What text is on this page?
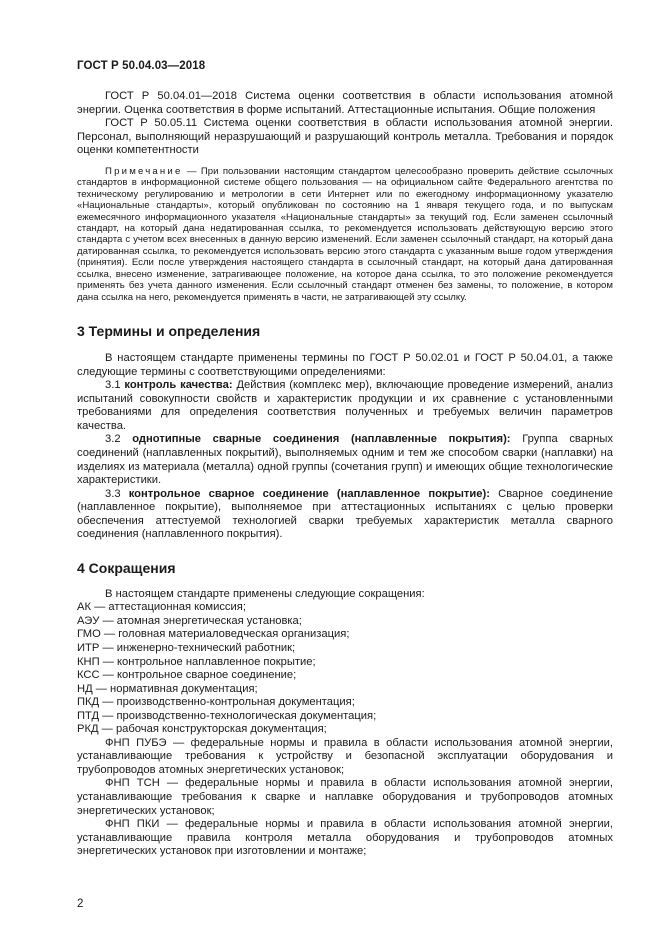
ГОСТ Р 50.04.03—2018

ГОСТ Р 50.04.01—2018 Система оценки соответствия в области использования атомной энергии. Оценка соответствия в форме испытаний. Аттестационные испытания. Общие положения

ГОСТ Р 50.05.11 Система оценки соответствия в области использования атомной энергии. Персонал, выполняющий неразрушающий и разрушающий контроль металла. Требования и порядок оценки компетентности

Примечание — При пользовании настоящим стандартом целесообразно проверить действие ссылочных стандартов в информационной системе общего пользования — на официальном сайте Федерального агентства по техническому регулированию и метрологии в сети Интернет или по ежегодному информационному указателю «Национальные стандарты», который опубликован по состоянию на 1 января текущего года, и по выпускам ежемесячного информационного указателя «Национальные стандарты» за текущий год. Если заменен ссылочный стандарт, на который дана недатированная ссылка, то рекомендуется использовать действующую версию этого стандарта с учетом всех внесенных в данную версию изменений. Если заменен ссылочный стандарт, на который дана датированная ссылка, то рекомендуется использовать версию этого стандарта с указанным выше годом утверждения (принятия). Если после утверждения настоящего стандарта в ссылочный стандарт, на который дана датированная ссылка, внесено изменение, затрагивающее положение, на которое дана ссылка, то это положение рекомендуется применять без учета данного изменения. Если ссылочный стандарт отменен без замены, то положение, в котором дана ссылка на него, рекомендуется применять в части, не затрагивающей эту ссылку.

3 Термины и определения

В настоящем стандарте применены термины по ГОСТ Р 50.02.01 и ГОСТ Р 50.04.01, а также следующие термины с соответствующими определениями:

3.1 контроль качества: Действия (комплекс мер), включающие проведение измерений, анализ испытаний совокупности свойств и характеристик продукции и их сравнение с установленными требованиями для определения соответствия полученных и требуемых величин параметров качества.

3.2 однотипные сварные соединения (наплавленные покрытия): Группа сварных соединений (наплавленных покрытий), выполняемых одним и тем же способом сварки (наплавки) на изделиях из материала (металла) одной группы (сочетания групп) и имеющих общие технологические характеристики.

3.3 контрольное сварное соединение (наплавленное покрытие): Сварное соединение (наплавленное покрытие), выполняемое при аттестационных испытаниях с целью проверки обеспечения аттестуемой технологией сварки требуемых характеристик металла сварного соединения (наплавленного покрытия).

4 Сокращения

В настоящем стандарте применены следующие сокращения:

АК — аттестационная комиссия;

АЭУ — атомная энергетическая установка;

ГМО — головная материаловедческая организация;

ИТР — инженерно-технический работник;

КНП — контрольное наплавленное покрытие;

КСС — контрольное сварное соединение;

НД — нормативная документация;

ПКД — производственно-контрольная документация;

ПТД — производственно-технологическая документация;

РКД — рабочая конструкторская документация;

ФНП ПУБЭ — федеральные нормы и правила в области использования атомной энергии, устанавливающие требования к устройству и безопасной эксплуатации оборудования и трубопроводов атомных энергетических установок;

ФНП ТСН — федеральные нормы и правила в области использования атомной энергии, устанавливающие требования к сварке и наплавке оборудования и трубопроводов атомных энергетических установок;

ФНП ПКИ — федеральные нормы и правила в области использования атомной энергии, устанавливающие правила контроля металла оборудования и трубопроводов атомных энергетических установок при изготовлении и монтаже;

2
